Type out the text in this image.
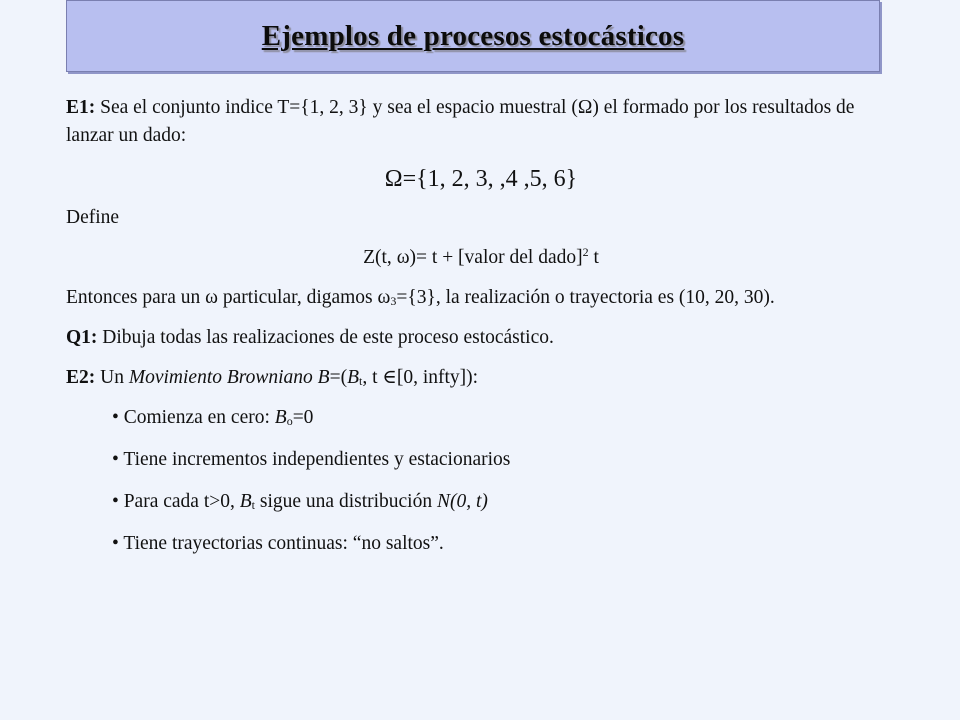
Ejemplos de procesos estocásticos

E1: Sea el conjunto indice T={1, 2, 3} y sea el espacio muestral (Ω) el formado por los resultados de lanzar un dado:

Ω={1, 2, 3, ,4 ,5, 6}

Define

Z(t, ω)= t + [valor del dado]$^2$ t

Entonces para un ω particular, digamos $\omega_3=\{3\}$, la realización o trayectoria es (10, 20, 30).

Q1: Dibuja todas las realizaciones de este proceso estocástico.

E2: Un Movimiento Browniano $B=(B_t$, t ∈[0, infty]):

• Comienza en cero: $B_o=0$

• Tiene incrementos independientes y estacionarios

• Para cada t>0, $B_t$ sigue una distribución N(0, t)

• Tiene trayectorias continuas: “no saltos”.
